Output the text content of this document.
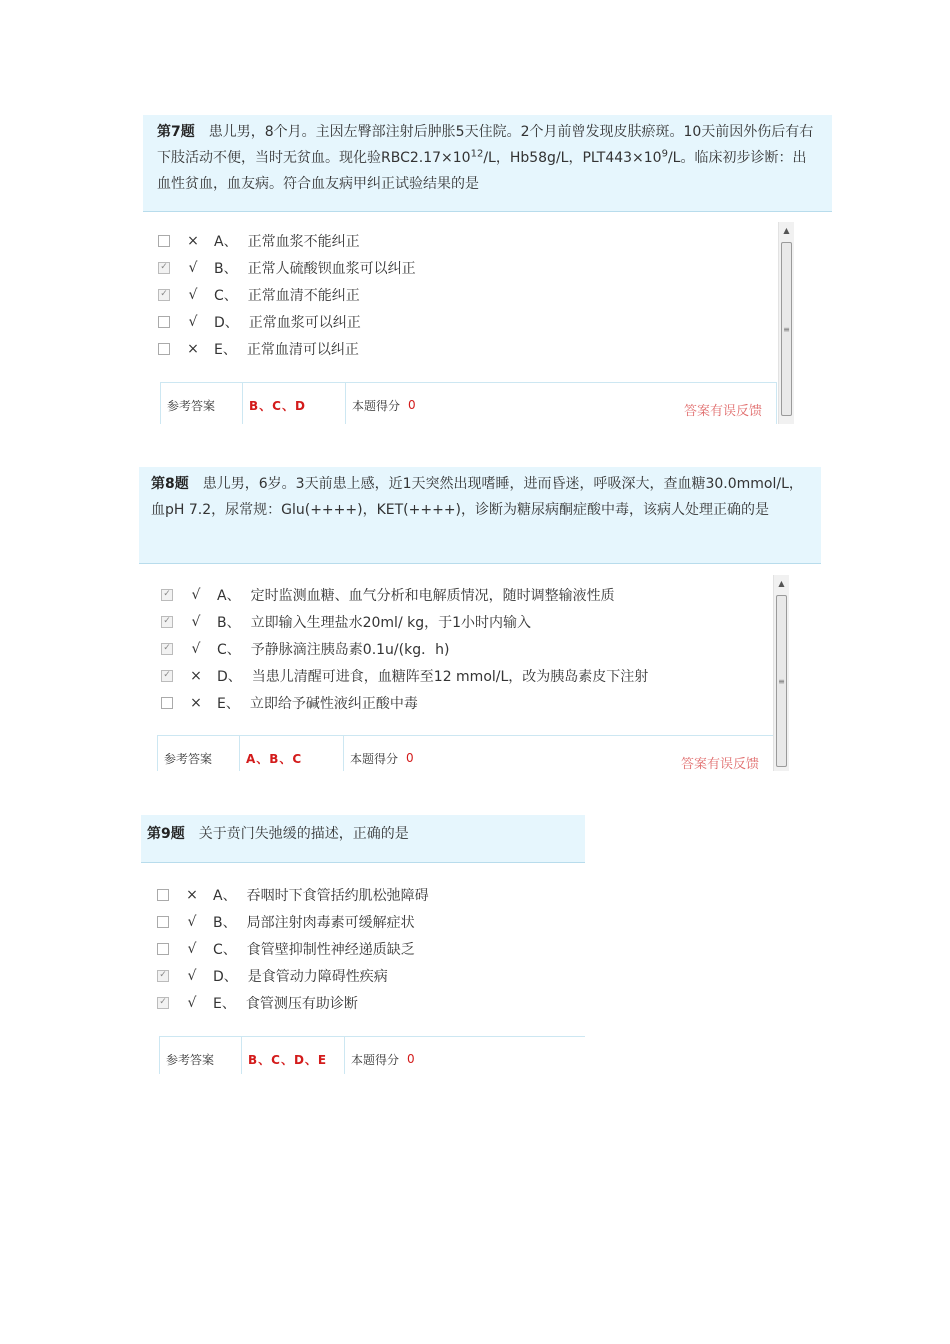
第7题 患儿男，8个月。主因左臀部注射后肿胀5天住院。2个月前曾发现皮肤瘀斑。10天前因外伤后有右下肢活动不便，当时无贫血。现化验$RBC2.17\times 10^{12}/L$，Hb58g/L，$PLT443\times 10^9/L$。临床初步诊断：出血性贫血，血友病。符合血友病甲纠正试验结果的是
× A、 正常血浆不能纠正
✓	√	B、 正常人硫酸钡血浆可以纠正
✓	√	C、 正常血清不能纠正
√	D、 正常血浆可以纠正
× E、 正常血清可以纠正
参考答案	B、C、D	本题得分 0	答案有误反馈
▲
≡
第8题 患儿男，6岁。3天前患上感，近1天突然出现嗜睡，进而昏迷，呼吸深大，查血糖30.0mmol/L，血pH 7.2，尿常规：Glu(++++)，KET(++++)，诊断为糖尿病酮症酸中毒，该病人处理正确的是
✓	√	A、 定时监测血糖、血气分析和电解质情况，随时调整输液性质
✓	√	B、 立即输入生理盐水20ml/ kg，于1小时内输入
✓	√	C、 予静脉滴注胰岛素0.1u/(kg．h)
✓ × D、 当患儿清醒可进食，血糖阵至12 mmol/L，改为胰岛素皮下注射
× E、 立即给予碱性液纠正酸中毒
参考答案	A、B、C	本题得分 0	答案有误反馈
▲
≡
第9题 关于贲门失弛缓的描述，正确的是
× A、 吞咽时下食管括约肌松弛障碍
√	B、 局部注射肉毒素可缓解症状
√	C、 食管壁抑制性神经递质缺乏
✓	√	D、 是食管动力障碍性疾病
✓	√	E、 食管测压有助诊断
参考答案	B、C、D、E	本题得分 0
